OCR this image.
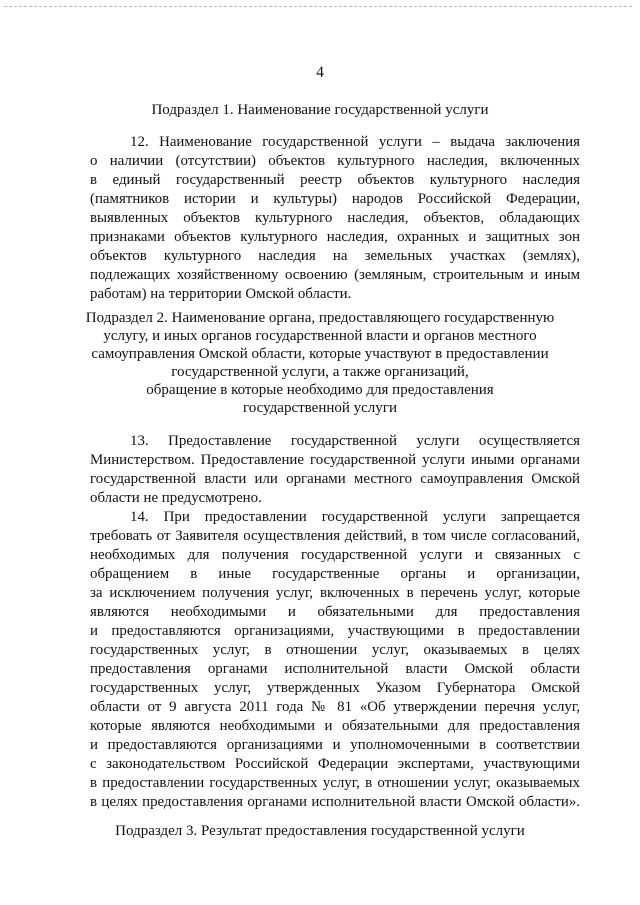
4
Подраздел 1. Наименование государственной услуги
12. Наименование государственной услуги – выдача заключения
о наличии (отсутствии) объектов культурного наследия, включенных
в единый государственный реестр объектов культурного наследия
(памятников истории и культуры) народов Российской Федерации,
выявленных объектов культурного наследия, объектов, обладающих
признаками объектов культурного наследия, охранных и защитных зон
объектов культурного наследия на земельных участках (землях),
подлежащих хозяйственному освоению (земляным, строительным и иным
работам) на территории Омской области.
Подраздел 2. Наименование органа, предоставляющего государственную
услугу, и иных органов государственной власти и органов местного
самоуправления Омской области, которые участвуют в предоставлении
государственной услуги, а также организаций,
обращение в которые необходимо для предоставления
государственной услуги
13. Предоставление государственной услуги осуществляется
Министерством. Предоставление государственной услуги иными органами
государственной власти или органами местного самоуправления Омской
области не предусмотрено.
14. При предоставлении государственной услуги запрещается
требовать от Заявителя осуществления действий, в том числе согласований,
необходимых для получения государственной услуги и связанных с
обращением в иные государственные органы и организации,
за исключением получения услуг, включенных в перечень услуг, которые
являются необходимыми и обязательными для предоставления
и предоставляются организациями, участвующими в предоставлении
государственных услуг, в отношении услуг, оказываемых в целях
предоставления органами исполнительной власти Омской области
государственных услуг, утвержденных Указом Губернатора Омской
области от 9 августа 2011 года № 81 «Об утверждении перечня услуг,
которые являются необходимыми и обязательными для предоставления
и предоставляются организациями и уполномоченными в соответствии
с законодательством Российской Федерации экспертами, участвующими
в предоставлении государственных услуг, в отношении услуг, оказываемых
в целях предоставления органами исполнительной власти Омской области».
Подраздел 3. Результат предоставления государственной услуги
